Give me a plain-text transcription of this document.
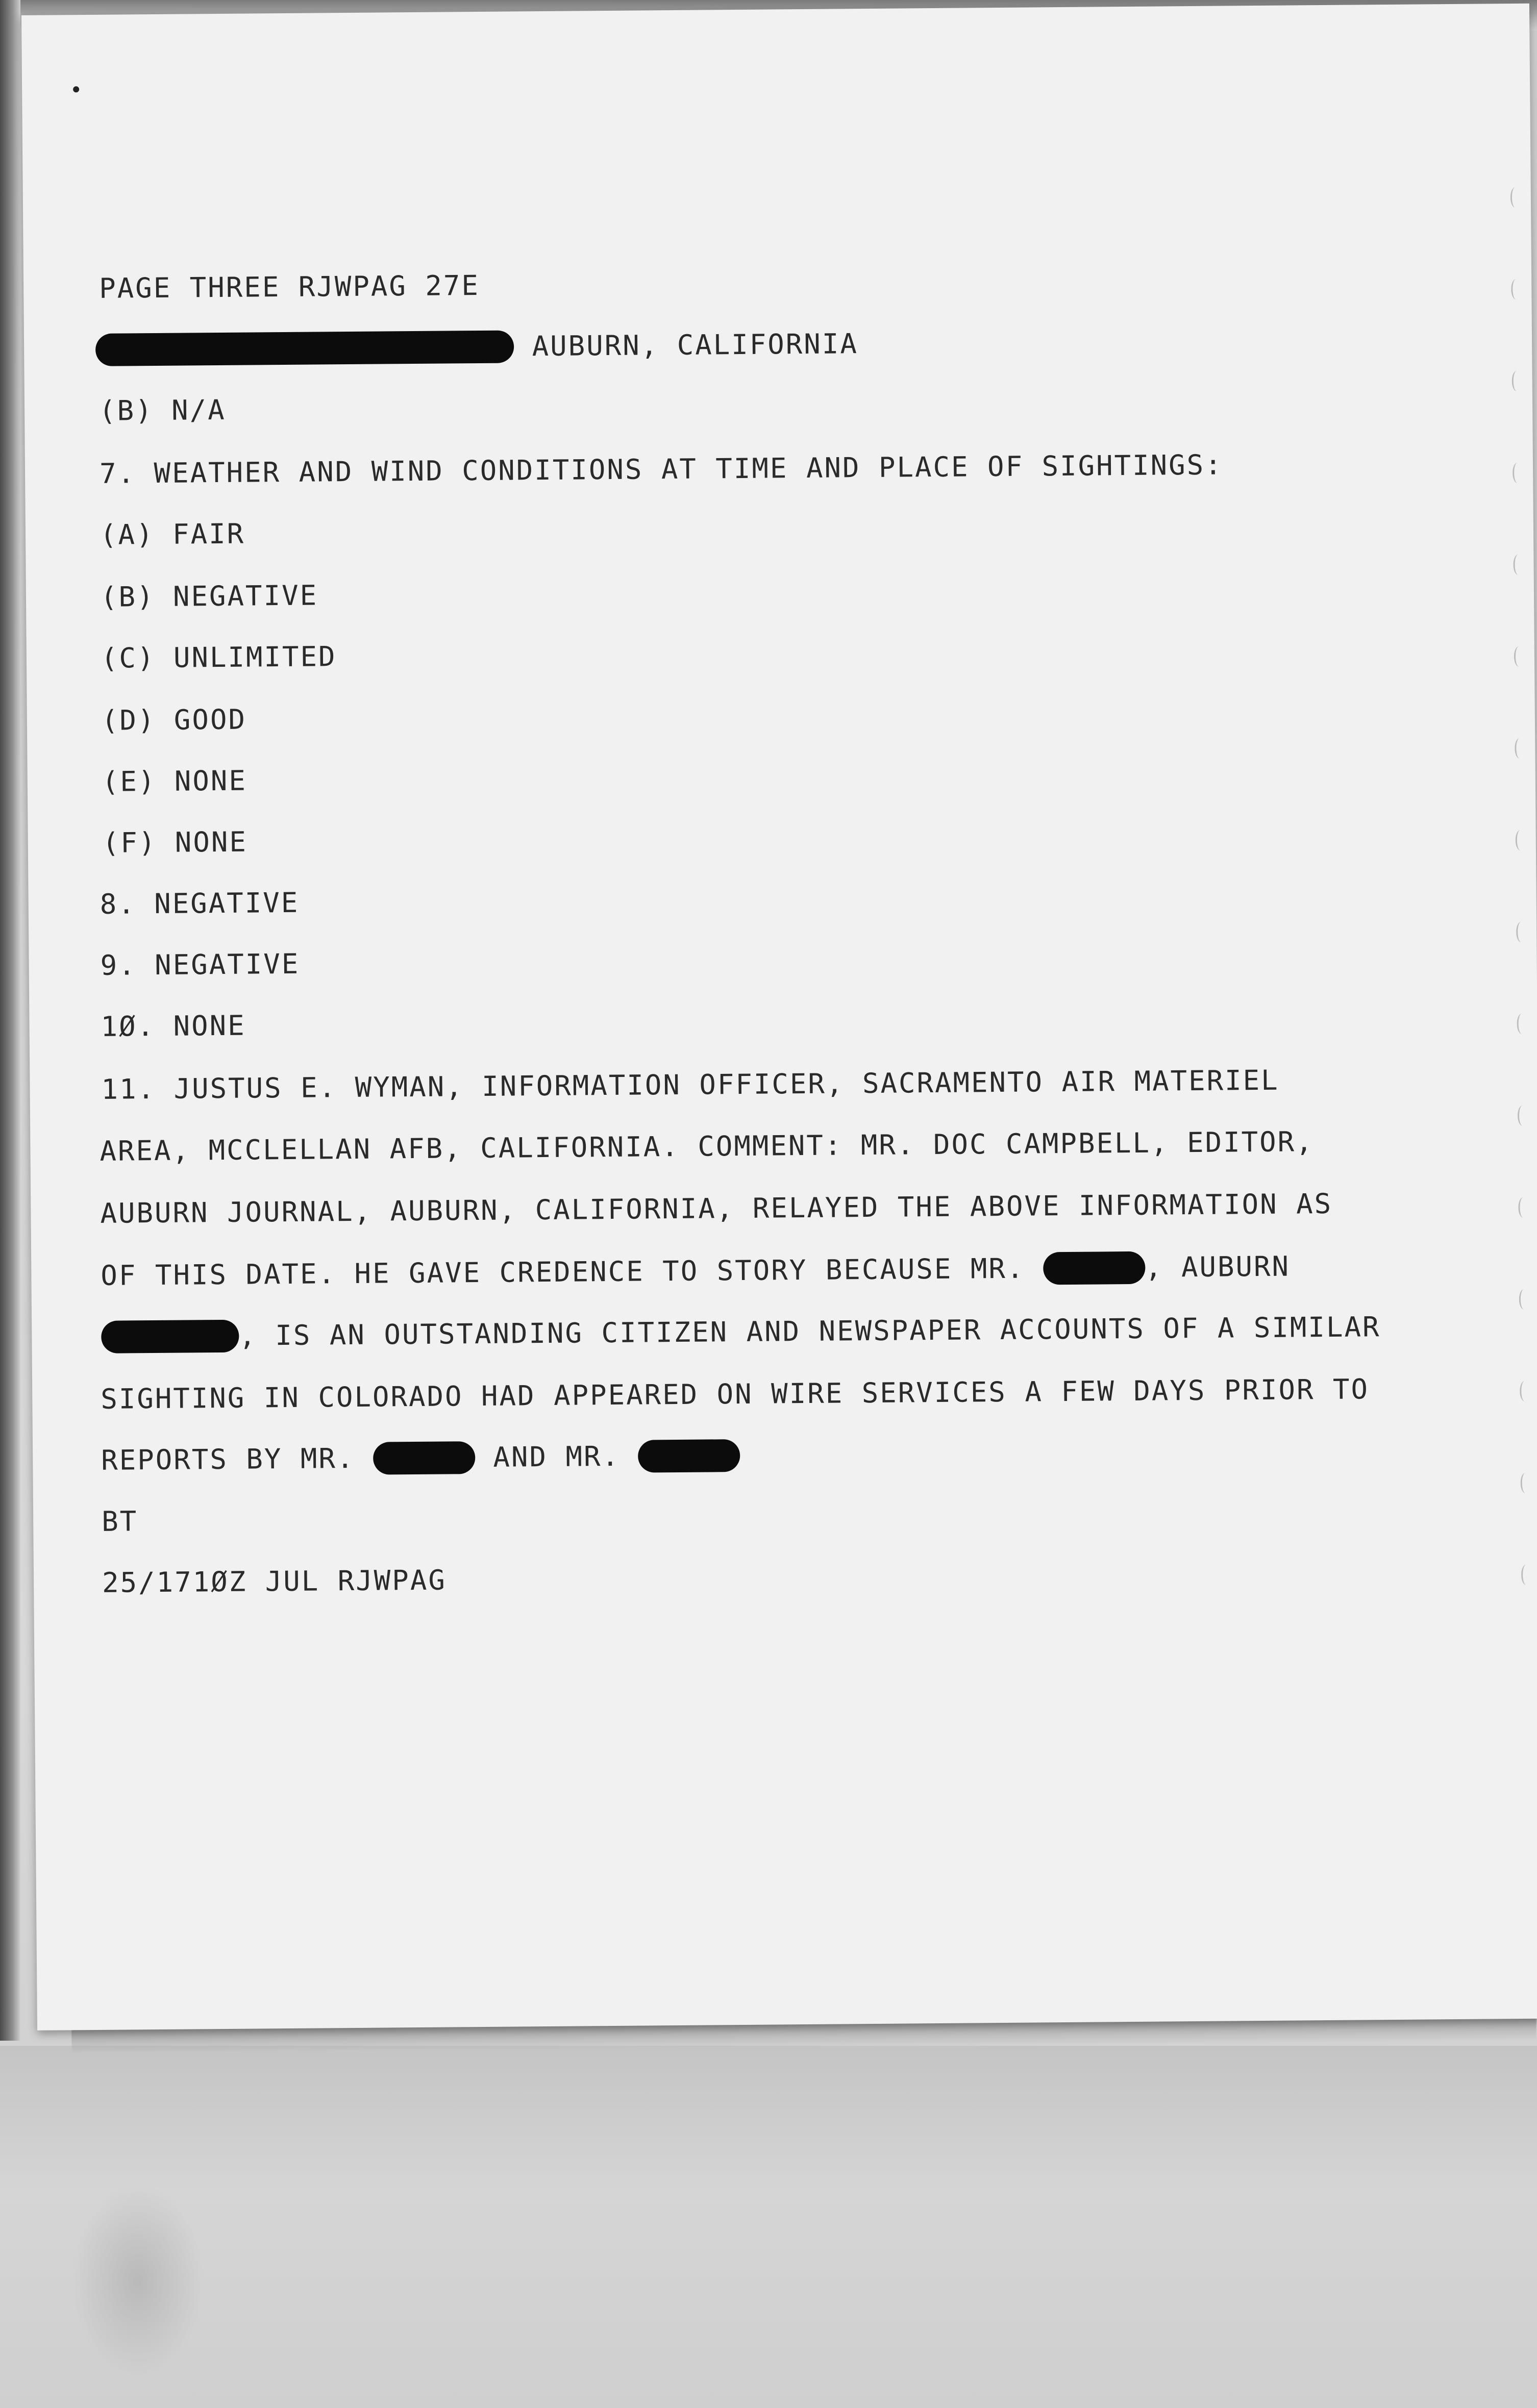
PAGE THREE RJWPAG 27E

AUBURN, CALIFORNIA

(B) N/A

7. WEATHER AND WIND CONDITIONS AT TIME AND PLACE OF SIGHTINGS:

(A) FAIR

(B) NEGATIVE

(C) UNLIMITED

(D) GOOD

(E) NONE

(F) NONE

8. NEGATIVE

9. NEGATIVE

1Ø. NONE

11. JUSTUS E. WYMAN, INFORMATION OFFICER, SACRAMENTO AIR MATERIEL

AREA, MCCLELLAN AFB, CALIFORNIA. COMMENT: MR. DOC CAMPBELL, EDITOR,

AUBURN JOURNAL, AUBURN, CALIFORNIA, RELAYED THE ABOVE INFORMATION AS

OF THIS DATE. HE GAVE CREDENCE TO STORY BECAUSE MR.	, AUBURN

, IS AN OUTSTANDING CITIZEN AND NEWSPAPER ACCOUNTS OF A SIMILAR

SIGHTING IN COLORADO HAD APPEARED ON WIRE SERVICES A FEW DAYS PRIOR TO

REPORTS BY MR.	AND MR.

BT

25/171ØZ JUL RJWPAG
